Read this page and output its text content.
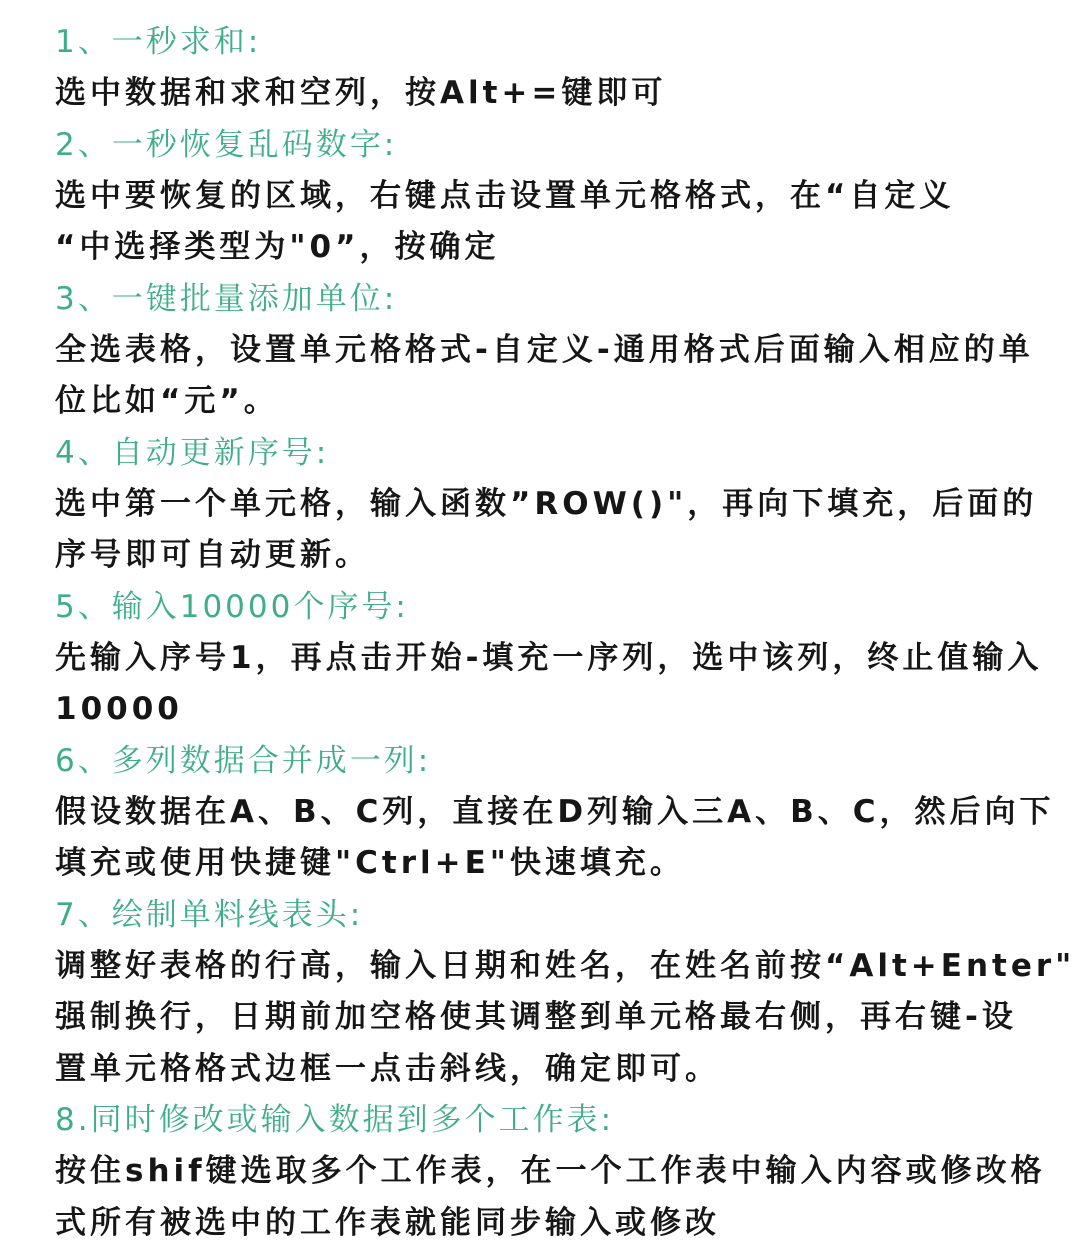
1、一秒求和:

选中数据和求和空列，按Alt+=键即可

2、一秒恢复乱码数字:

选中要恢复的区域，右键点击设置单元格格式，在“自定义
“中选择类型为"0”，按确定

3、一键批量添加单位:

全选表格，设置单元格格式-自定义-通用格式后面输入相应的单
位比如“元”。

4、自动更新序号:

选中第一个单元格，输入函数”ROW()"，再向下填充，后面的
序号即可自动更新。

5、输入10000个序号:

先输入序号1，再点击开始-填充一序列，选中该列，终止值输入
10000

6、多列数据合并成一列:

假设数据在A、B、C列，直接在D列输入三A、B、C，然后向下
填充或使用快捷键"Ctrl+E"快速填充。

7、绘制单料线表头:

调整好表格的行高，输入日期和姓名，在姓名前按“Alt+Enter"
强制换行，日期前加空格使其调整到单元格最右侧，再右键-设
置单元格格式边框一点击斜线，确定即可。

8.同时修改或输入数据到多个工作表:

按住shif键选取多个工作表，在一个工作表中输入内容或修改格
式所有被选中的工作表就能同步输入或修改
